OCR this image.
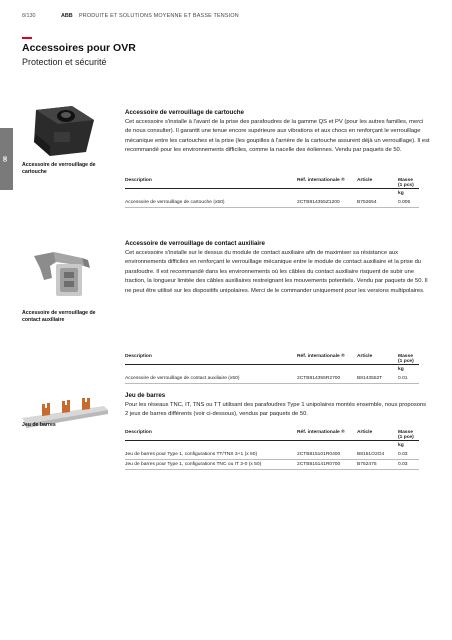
8/130	ABB PRODUITE ET SOLUTIONS MOYENNE ET BASSE TENSION
Accessoires pour OVR
Protection et sécurité
08
Accessoire de verrouillage de cartouche
Accessoire de verrouillage de cartouche
Cet accessoire s'installe à l'avant de la prise des parafoudres de la gamme QS et PV (pour les autres familles, merci de nous consulter). Il garantit une tenue encore supérieure aux vibrations et aux chocs en renforçant le verrouillage mécanique entre les cartouches et la prise (les goupilles à l'arrière de la cartouche assurent déjà un verrouillage). Il est recommandé pour les environnements difficiles, comme la nacelle des éoliennes. Vendu par paquets de 50.
Description	Réf. internationale ®	Article	Masse
(1 pcs)
kg
Accessoire de verrouillage de cartouche (x50)	2CTB814355Z1200	B752654	0.005
Accessoire de verrouillage de contact auxiliaire
Accessoire de verrouillage de contact auxiliaire
Cet accessoire s'installe sur le dessus du module de contact auxiliaire afin de maximiser sa résistance aux environnements difficiles en renforçant le verrouillage mécanique entre le module de contact auxiliaire et la prise du parafoudre. Il est recommandé dans les environnements où les câbles du contact auxiliaire risquent de subir une traction, la longueur limitée des câbles auxiliaires restreignant les mouvements potentiels. Vendu par paquets de 50. Il ne peut être utilisé sur les dispositifs unipolaires. Merci de le commander uniquement pour les versions multipolaires.
Description	Réf. internationale ®	Article	Masse
(1 pce)
kg
Accessoire de verrouillage de contact auxiliaire (x50)	2CTB814355R2700	B8143552T	0.01
Jeu de barres
Jeu de barres
Pour les réseaux TNC, IT, TNS ou TT utilisant des parafoudres Type 1 unipolaires montés ensemble, nous proposons 2 jeux de barres différents (voir ci-dessous), vendus par paquets de 50.
Description	Réf. internationale ®	Article	Masse
(1 pce)
kg
Jeu de barres pour Type 1, configurations TT/TNS 3+1 (x 50)	2CTB815101R0400	B8151O2O4	0.03
Jeu de barres pour Type 1, configurations TNC ou IT 3-0 (x 50)	2CTB815141R0700	B752475	0.03
